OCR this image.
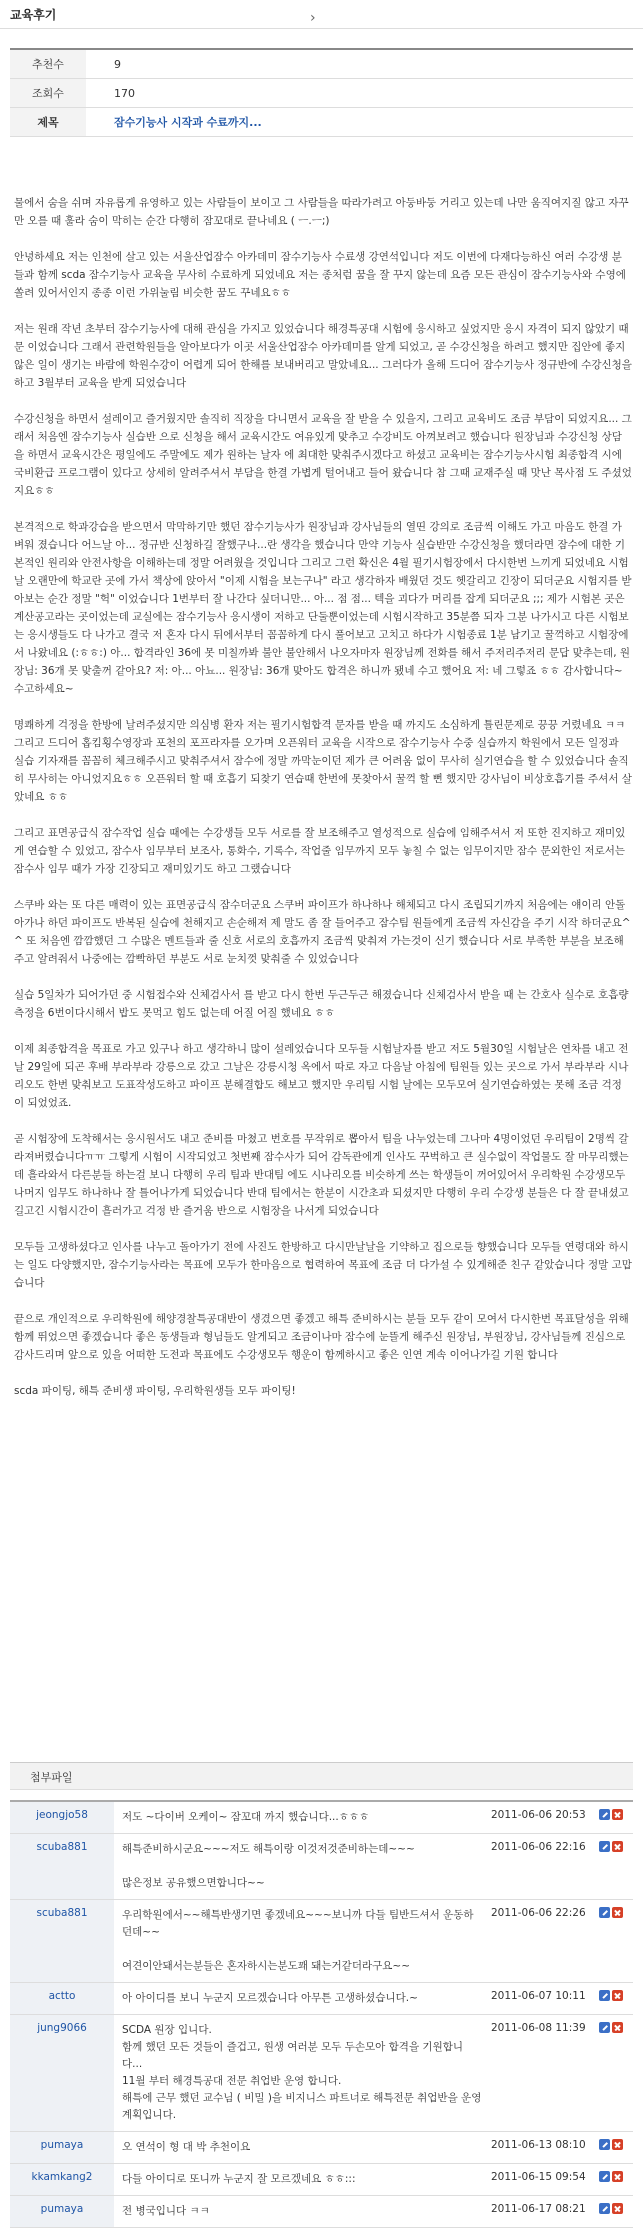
교육후기	›
추천수	9
조회수	170
제목	잠수기능사 시작과 수료까지...

물에서 숨을 쉬며 자유롭게 유영하고 있는 사람들이 보이고 그 사람들을 따라가려고 아둥바둥 거리고 있는데 나만 움직여지질 않고 자꾸만 오를 때 훌라 숨이 막히는 순간 다행히 잠꼬대로 끝나네요 ( ㅡ.ㅡ;)

안녕하세요 저는 인천에 살고 있는 서울산업잠수 아카데미 잠수기능사 수료생 강연석입니다 저도 이번에 다재다능하신 여러 수강생 분들과 함께 scda 잠수기능사 교육을 무사히 수료하게 되었네요 저는 종처럼 꿈을 잘 꾸지 않는데 요즘 모든 관심이 잠수기능사와 수영에 쏠려 있어서인지 종종 이런 가위눌림 비슷한 꿈도 꾸네요ㅎㅎ

저는 원래 작년 초부터 잠수기능사에 대해 관심을 가지고 있었습니다 해경특공대 시험에 응시하고 싶었지만 응시 자격이 되지 않았기 때문 이었습니다 그래서 관련학원들을 알아보다가 이곳 서울산업잠수 아카데미를 알게 되었고, 곧 수강신청을 하려고 했지만 집안에 좋지 않은 일이 생기는 바람에 학원수강이 어렵게 되어 한해를 보내버리고 말았네요... 그러다가 올해 드디어 잠수기능사 정규반에 수강신청을 하고 3월부터 교육을 받게 되었습니다

수강신청을 하면서 설레이고 즐거웠지만 솔직히 직장을 다니면서 교육을 잘 받을 수 있을지, 그리고 교육비도 조금 부담이 되었지요... 그래서 처음엔 잠수기능사 실습반 으로 신청을 해서 교육시간도 여유있게 맞추고 수강비도 아껴보려고 했습니다 원장님과 수강신청 상담을 하면서 교육시간은 평일에도 주말에도 제가 원하는 날자 에 최대한 맞춰주시겠다고 하셨고 교육비는 잠수기능사시험 최종합격 시에 국비환급 프로그램이 있다고 상세히 알려주셔서 부담을 한결 가볍게 털어내고 들어 왔습니다 참 그때 교재주실 때 맛난 목사점 도 주셨었지요ㅎㅎ

본격적으로 학과강습을 받으면서 막막하기만 했던 잠수기능사가 원장님과 강사님들의 열띤 강의로 조금씩 이해도 가고 마음도 한결 가벼워 졌습니다 어느날 아... 정규반 신청하길 잘했구나...란 생각을 했습니다 만약 기능사 실습반만 수강신청을 했더라면 잠수에 대한 기본적인 원리와 안전사항을 이해하는데 정말 어려웠을 것입니다 그리고 그런 확신은 4월 필기시험장에서 다시한번 느끼게 되었네요 시험날 오랜만에 학교란 곳에 가서 책상에 앉아서 "이제 시험을 보는구나" 라고 생각하자 배웠던 것도 헷갈리고 긴장이 되더군요 시험지를 받아보는 순간 정말 "헉" 이었습니다 1번부터 잘 나간다 싶더니만... 아... 점 점... 텍을 괴다가 머리를 잡게 되더군요 ;;; 제가 시험본 곳은 계산공고라는 곳이었는데 교실에는 잠수기능사 응시생이 저하고 단둘뿐이었는데 시험시작하고 35분쯤 되자 그분 나가시고 다른 시험보는 응시생들도 다 나가고 결국 저 혼자 다시 뒤에서부터 꼼꼼하게 다시 풀어보고 고치고 하다가 시험종료 1분 남기고 꿀꺽하고 시험장에서 나왔네요 (:ㅎㅎ:) 아... 합격라인 36에 못 미칠까봐 불안 불안해서 나오자마자 원장님께 전화를 해서 주저리주저리 문답 맞추는데, 원장님: 36개 못 맞출꺼 같아요? 저: 아... 아뇨... 원장님: 36개 맞아도 합격은 하니까 됐네 수고 했어요 저: 네 그렇죠 ㅎㅎ 감사합니다~ 수고하세요~

명쾌하게 걱정을 한방에 날려주셨지만 의심병 환자 저는 필기시험합격 문자를 받을 때 까지도 소심하게 틀린문제로 끙끙 거렸네요 ㅋㅋ 그리고 드디어 홉킴횡수영장과 포천의 포프라자를 오가며 오픈워터 교육을 시작으로 잠수기능사 수중 실습까지 학원에서 모든 일정과 실습 기자재를 꼼꼼히 체크해주시고 맞춰주셔서 잠수에 정말 까막눈이던 제가 큰 어려움 없이 무사히 실기연습을 할 수 있었습니다 솔직히 무사히는 아니었지요ㅎㅎ 오픈워터 할 때 호흡기 되찾기 연습때 한번에 못찾아서 꿀꺽 할 뻔 했지만 강사님이 비상호흡기를 주셔서 살았네요 ㅎㅎ

그리고 표면공급식 잠수작업 실습 때에는 수강생들 모두 서로를 잘 보조해주고 열성적으로 실습에 임해주셔서 저 또한 진지하고 재미있게 연습할 수 있었고, 잠수사 임무부터 보조사, 통화수, 기록수, 작업줄 임무까지 모두 놓칠 수 없는 임무이지만 잠수 문외한인 저로서는 잠수사 임무 때가 가장 긴장되고 재미있기도 하고 그랬습니다

스쿠바 와는 또 다른 매력이 있는 표면공급식 잠수더군요 스쿠버 파이프가 하나하나 해체되고 다시 조립되기까지 처음에는 얘이리 안돌아가나 하던 파이프도 반복된 실습에 천해지고 손순해져 제 말도 좀 잘 들어주고 잠수팀 원들에게 조금씩 자신감을 주기 시작 하더군요^^ 또 처음엔 깜깜했던 그 수많은 멘트들과 줄 신호 서로의 호흡까지 조금씩 맞춰져 가는것이 신기 했습니다 서로 부족한 부분을 보조해주고 알려줘서 나중에는 깜빡하던 부분도 서로 눈치껏 맞춰줄 수 있었습니다

실습 5일차가 되어가던 중 시험접수와 신체검사서 를 받고 다시 한번 두근두근 해졌습니다 신체검사서 받을 때 는 간호사 실수로 호흡량측정을 6번이다시해서 밥도 못먹고 힘도 없는데 어질 어질 했네요 ㅎㅎ

이제 최종합격을 목표로 가고 있구나 하고 생각하니 많이 설레었습니다 모두들 시험날자를 받고 저도 5월30일 시험날은 연차를 내고 전날 29일에 되곤 후배 부라부라 강릉으로 갔고 그날은 강릉시청 옥에서 따로 자고 다음날 아침에 팀원들 있는 곳으로 가서 부라부라 시나리오도 한번 맞춰보고 도표작성도하고 파이프 분해결합도 해보고 했지만 우리팀 시험 날에는 모두모여 실기연습하였는 못해 조금 걱정이 되었었죠.

곧 시험장에 도착해서는 응시원서도 내고 준비를 마쳤고 번호를 무작위로 뽑아서 팀을 나누었는데 그나마 4명이었던 우리팀이 2명씩 갈라져버렸습니다ㅠㅠ 그렇게 시험이 시작되었고 첫번째 잠수사가 되어 감독관에게 인사도 꾸벅하고 큰 실수없이 작업물도 잘 마무리했는데 흘라와서 다른분들 하는걸 보니 다행히 우리 팀과 반대팀 에도 시나리오를 비슷하게 쓰는 학생들이 꺼어있어서 우리학원 수강생모두 나머지 임무도 하나하나 잘 틀어나가게 되었습니다 반대 팀에서는 한분이 시간초과 되셨지만 다행히 우리 수강생 분들은 다 잘 끝내셨고 길고긴 시험시간이 흘러가고 걱정 반 즐거움 반으로 시험장을 나서게 되었습니다

모두들 고생하셨다고 인사를 나누고 돌아가기 전에 사진도 한방하고 다시만날날을 기약하고 집으로들 향했습니다 모두들 연령대와 하시는 일도 다양했지만, 잠수기능사라는 목표에 모두가 한마음으로 협력하여 목표에 조금 더 다가설 수 있게해준 친구 같았습니다 정말 고맙습니다

끝으로 개인적으로 우리학원에 해양경찰특공대반이 생겼으면 좋겠고 해특 준비하시는 분들 모두 같이 모여서 다시한번 목표달성을 위해 함께 뛰었으면 좋겠습니다 좋은 동생들과 형님들도 알게되고 조금이나마 잠수에 눈뜰게 해주신 원장님, 부원장님, 강사님들께 진심으로 감사드리며 앞으로 있을 어떠한 도전과 목표에도 수강생모두 행운이 함께하시고 좋은 인연 계속 이어나가길 기원 합니다

scda 파이팅, 해특 준비생 파이팅, 우리학원생들 모두 파이팅!

첨부파일
jeongjo58	저도 ~다이버 오케이~ 잠꼬대 까지 했습니다...ㅎㅎㅎ	2011-06-06 20:53
scuba881	해특준비하시군요~~~저도 해특이랑 이것저것준비하는데~~~
많은정보 공유했으면합니다~~
2011-06-06 22:16
scuba881	우리학원에서~~해특반생기면 좋겠네요~~~보니까 다들 팀반드셔서 운동하던데~~
여견이안돼서는분들은 혼자하시는분도꽤 돼는거같더라구요~~
2011-06-06 22:26
actto	아 아이디를 보니 누군지 모르겠습니다 아무튼 고생하셨습니다.~	2011-06-07 10:11
jung9066	SCDA 원장 입니다.
함께 했던 모든 것들이 즐겁고, 원생 여러분 모두 두손모아 합격을 기원합니다...
11월 부터 해경특공대 전문 취업반 운영 합니다.
해특에 근무 했던 교수님 ( 비밀 )을 비지니스 파트너로 해특전문 취업반을 운영계획입니다.
2011-06-08 11:39
pumaya	오 연석이 형 대 박 추천이요	2011-06-13 08:10
kkamkang2	다들 아이디로 또니까 누군지 잘 모르겠네요 ㅎㅎ:::	2011-06-15 09:54
pumaya	전 병국입니다 ㅋㅋ	2011-06-17 08:21
